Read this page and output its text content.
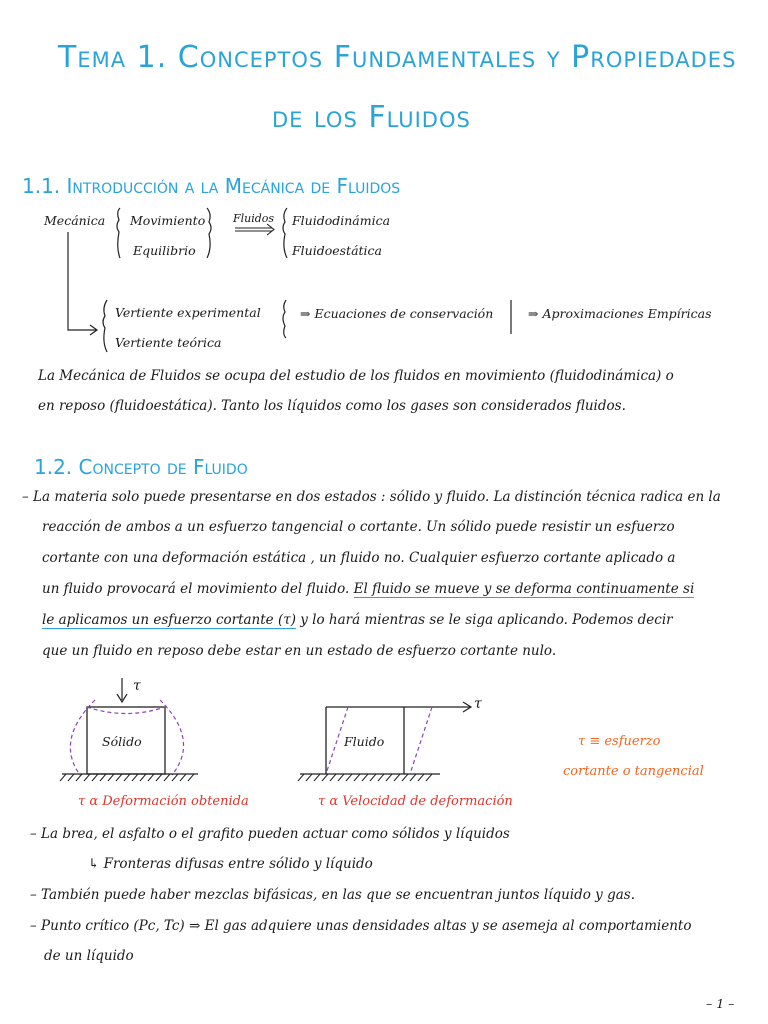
Tema 1. Conceptos Fundamentales y Propiedades
de los Fluidos
1.1. Introducción a la Mecánica de Fluidos
Mecánica Movimiento
Equilibrio
Fluidos Fluidodinámica
Fluidoestática
Vertiente experimental
Vertiente teórica
⇒ Ecuaciones de conservación	⇒ Aproximaciones Empíricas
La Mecánica de Fluidos se ocupa del estudio de los fluidos en movimiento (fluidodinámica) o
en reposo (fluidoestática). Tanto los líquidos como los gases son considerados fluidos.
1.2. Concepto de Fluido
– La materia solo puede presentarse en dos estados : sólido y fluido. La distinción técnica radica en la
reacción de ambos a un esfuerzo tangencial o cortante. Un sólido puede resistir un esfuerzo
cortante con una deformación estática , un fluido no. Cualquier esfuerzo cortante aplicado a
un fluido provocará el movimiento del fluido. El fluido se mueve y se deforma continuamente si
le aplicamos un esfuerzo cortante (τ) y lo hará mientras se le siga aplicando. Podemos decir
que un fluido en reposo debe estar en un estado de esfuerzo cortante nulo.
τ
τ
Sólido	Fluido	τ ≡ esfuerzo
cortante o tangencial
τ α Deformación obtenida	τ α Velocidad de deformación
– La brea, el asfalto o el grafito pueden actuar como sólidos y líquidos
↳ Fronteras difusas entre sólido y líquido
– También puede haber mezclas bifásicas, en las que se encuentran juntos líquido y gas.
– Punto crítico (Pc, Tc) ⇒ El gas adquiere unas densidades altas y se asemeja al comportamiento
de un líquido
– 1 –
